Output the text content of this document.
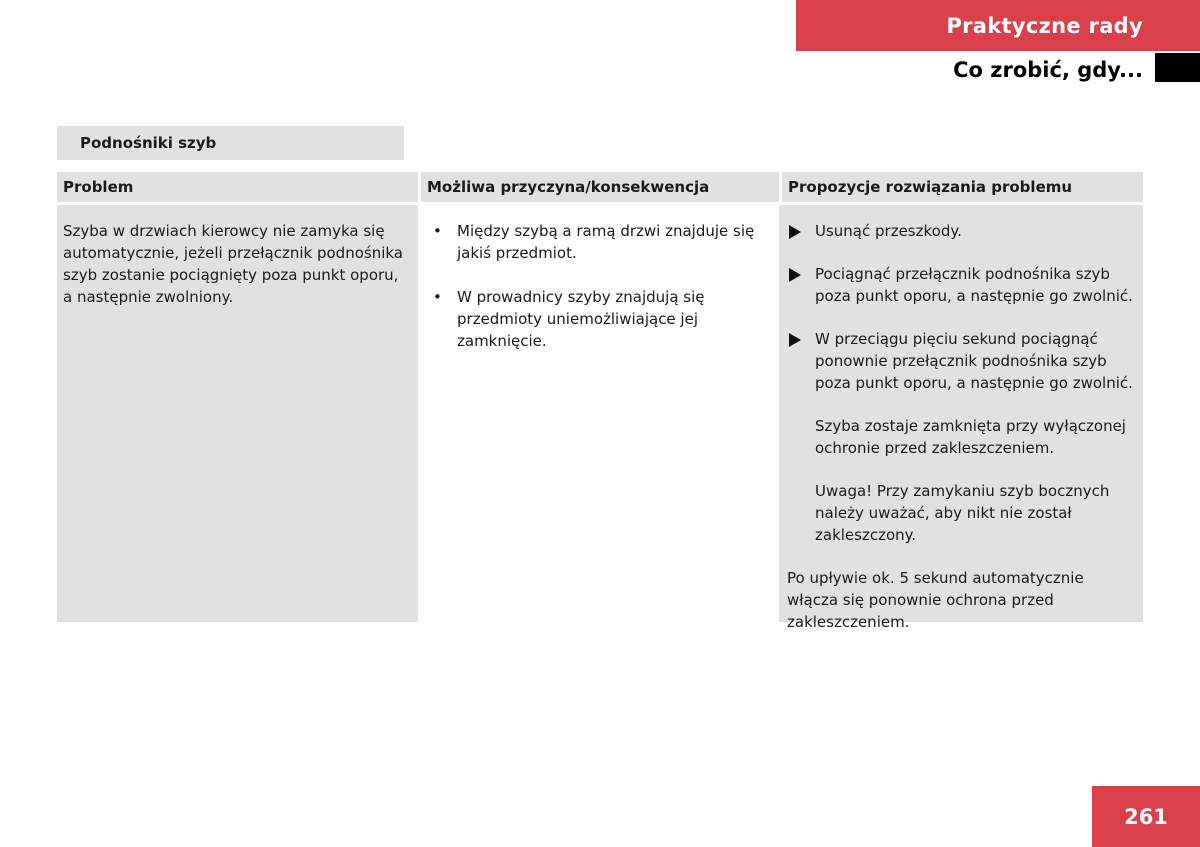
Praktyczne rady
Co zrobić, gdy...
Podnośniki szyb
Problem	Możliwa przyczyna/konsekwencja	Propozycje rozwiązania problemu
Szyba w drzwiach kierowcy nie zamyka się automatycznie, jeżeli przełącznik podnośnika szyb zostanie pociągnięty poza punkt oporu, a następnie zwolniony.
• Między szybą a ramą drzwi znajduje się jakiś przedmiot.
• W prowadnicy szyby znajdują się przedmioty uniemożliwiające jej zamknięcie.
Usunąć przeszkody.
Pociągnąć przełącznik podnośnika szyb poza punkt oporu, a następnie go zwolnić.
W przeciągu pięciu sekund pociągnąć ponownie przełącznik podnośnika szyb poza punkt oporu, a następnie go zwolnić.

Szyba zostaje zamknięta przy wyłączonej ochronie przed zakleszczeniem.

Uwaga! Przy zamykaniu szyb bocznych należy uważać, aby nikt nie został zakleszczony.

Po upływie ok. 5 sekund automatycznie włącza się ponownie ochrona przed zakleszczeniem.

261
